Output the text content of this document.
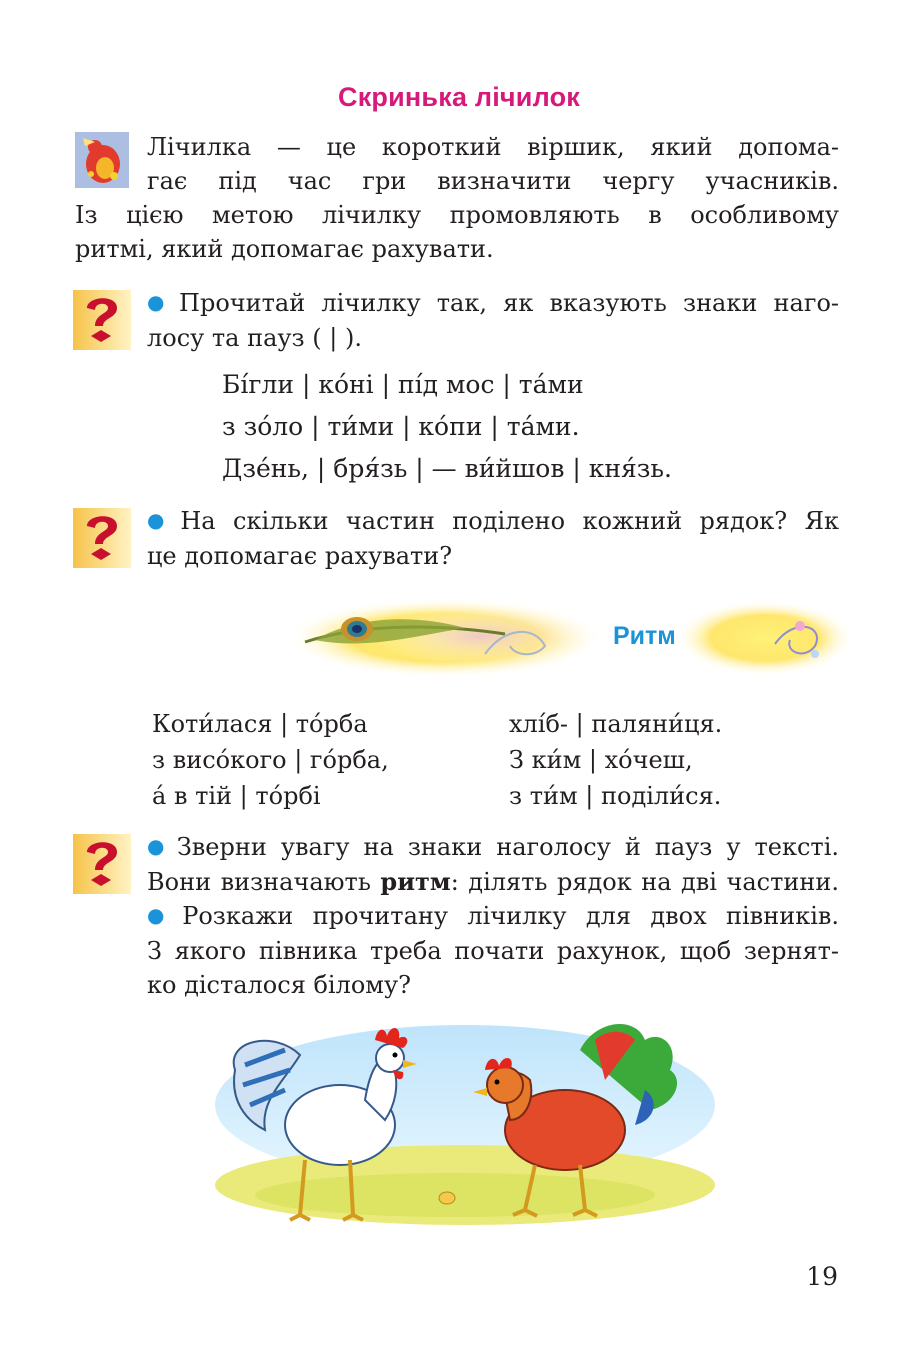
Скринька лічилок
Лічилка — це короткий віршик, який допома-
гає під час гри визначити чергу учасників.
Із цією метою лічилку промовляють в особливому
ритмі, який допомагає рахувати.
● Прочитай лічилку так, як вказують знаки наго-
лосу та пауз ( | ).
Бі́гли | ко́ні | пі́д мос | та́ми
з зо́ло | ти́ми | ко́пи | та́ми.
Дзе́нь, | бря́зь | — ви́йшов | кня́зь.
● На скільки частин поділено кожний рядок? Як
це допомагає рахувати?
Ритм
Коти́лася | то́рба
з висо́кого | го́рба,
а́ в тій | то́рбі
хлі́б- | паляни́ця.
З ки́м | хо́чеш,
з ти́м | поділи́ся.
● Зверни увагу на знаки наголосу й пауз у тексті.
Вони визначають ритм: ділять рядок на дві частини.
● Розкажи прочитану лічилку для двох півників.
З якого півника треба почати рахунок, щоб зернят-
ко дісталося білому?
19
